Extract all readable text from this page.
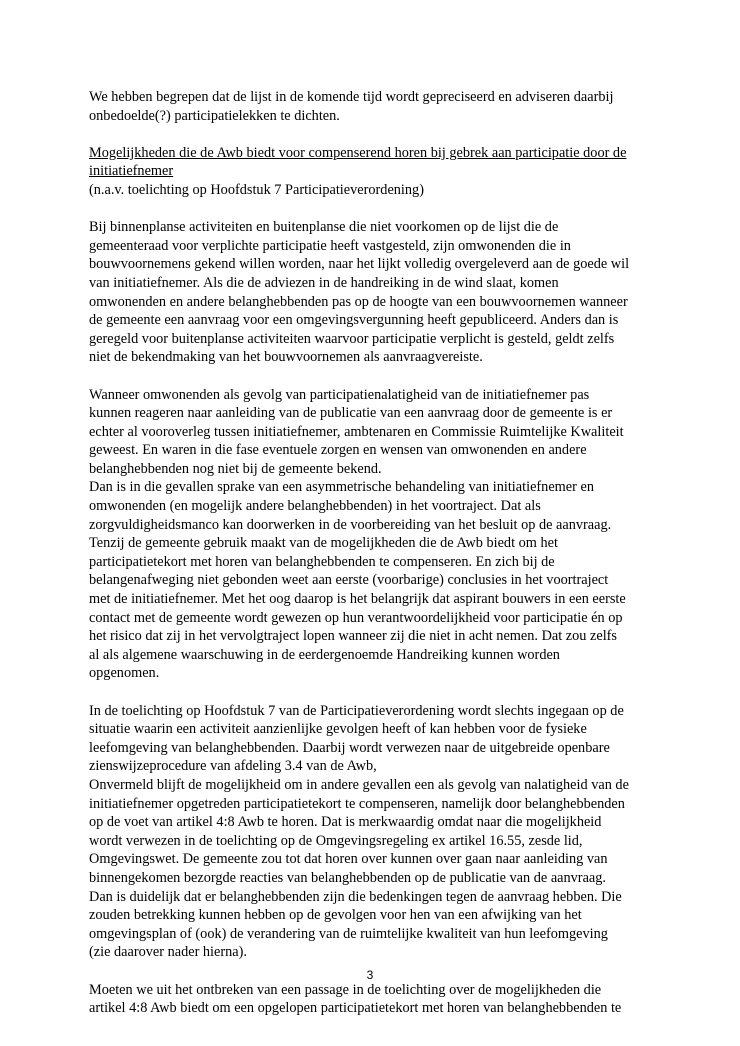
We hebben begrepen dat de lijst in de komende tijd wordt gepreciseerd en adviseren daarbij
onbedoelde(?) participatielekken te dichten.

Mogelijkheden die de Awb biedt voor compenserend horen bij gebrek aan participatie door de
initiatiefnemer
(n.a.v. toelichting op Hoofdstuk 7 Participatieverordening)

Bij binnenplanse activiteiten en buitenplanse die niet voorkomen op de lijst die de
gemeenteraad voor verplichte participatie heeft vastgesteld, zijn omwonenden die in
bouwvoornemens gekend willen worden, naar het lijkt volledig overgeleverd aan de goede wil
van initiatiefnemer. Als die de adviezen in de handreiking in de wind slaat, komen
omwonenden en andere belanghebbenden pas op de hoogte van een bouwvoornemen wanneer
de gemeente een aanvraag voor een omgevingsvergunning heeft gepubliceerd. Anders dan is
geregeld voor buitenplanse activiteiten waarvoor participatie verplicht is gesteld, geldt zelfs
niet de bekendmaking van het bouwvoornemen als aanvraagvereiste.

Wanneer omwonenden als gevolg van participatienalatigheid van de initiatiefnemer pas
kunnen reageren naar aanleiding van de publicatie van een aanvraag door de gemeente is er
echter al vooroverleg tussen initiatiefnemer, ambtenaren en Commissie Ruimtelijke Kwaliteit
geweest. En waren in die fase eventuele zorgen en wensen van omwonenden en andere
belanghebbenden nog niet bij de gemeente bekend.
Dan is in die gevallen sprake van een asymmetrische behandeling van initiatiefnemer en
omwonenden (en mogelijk andere belanghebbenden) in het voortraject. Dat als
zorgvuldigheidsmanco kan doorwerken in de voorbereiding van het besluit op de aanvraag.
Tenzij de gemeente gebruik maakt van de mogelijkheden die de Awb biedt om het
participatietekort met horen van belanghebbenden te compenseren. En zich bij de
belangenafweging niet gebonden weet aan eerste (voorbarige) conclusies in het voortraject
met de initiatiefnemer. Met het oog daarop is het belangrijk dat aspirant bouwers in een eerste
contact met de gemeente wordt gewezen op hun verantwoordelijkheid voor participatie én op
het risico dat zij in het vervolgtraject lopen wanneer zij die niet in acht nemen. Dat zou zelfs
al als algemene waarschuwing in de eerdergenoemde Handreiking kunnen worden
opgenomen.

In de toelichting op Hoofdstuk 7 van de Participatieverordening wordt slechts ingegaan op de
situatie waarin een activiteit aanzienlijke gevolgen heeft of kan hebben voor de fysieke
leefomgeving van belanghebbenden. Daarbij wordt verwezen naar de uitgebreide openbare
zienswijzeprocedure van afdeling 3.4 van de Awb,
Onvermeld blijft de mogelijkheid om in andere gevallen een als gevolg van nalatigheid van de
initiatiefnemer opgetreden participatietekort te compenseren, namelijk door belanghebbenden
op de voet van artikel 4:8 Awb te horen. Dat is merkwaardig omdat naar die mogelijkheid
wordt verwezen in de toelichting op de Omgevingsregeling ex artikel 16.55, zesde lid,
Omgevingswet. De gemeente zou tot dat horen over kunnen over gaan naar aanleiding van
binnengekomen bezorgde reacties van belanghebbenden op de publicatie van de aanvraag.
Dan is duidelijk dat er belanghebbenden zijn die bedenkingen tegen de aanvraag hebben. Die
zouden betrekking kunnen hebben op de gevolgen voor hen van een afwijking van het
omgevingsplan of (ook) de verandering van de ruimtelijke kwaliteit van hun leefomgeving
(zie daarover nader hierna).

Moeten we uit het ontbreken van een passage in de toelichting over de mogelijkheden die
artikel 4:8 Awb biedt om een opgelopen participatietekort met horen van belanghebbenden te

3
